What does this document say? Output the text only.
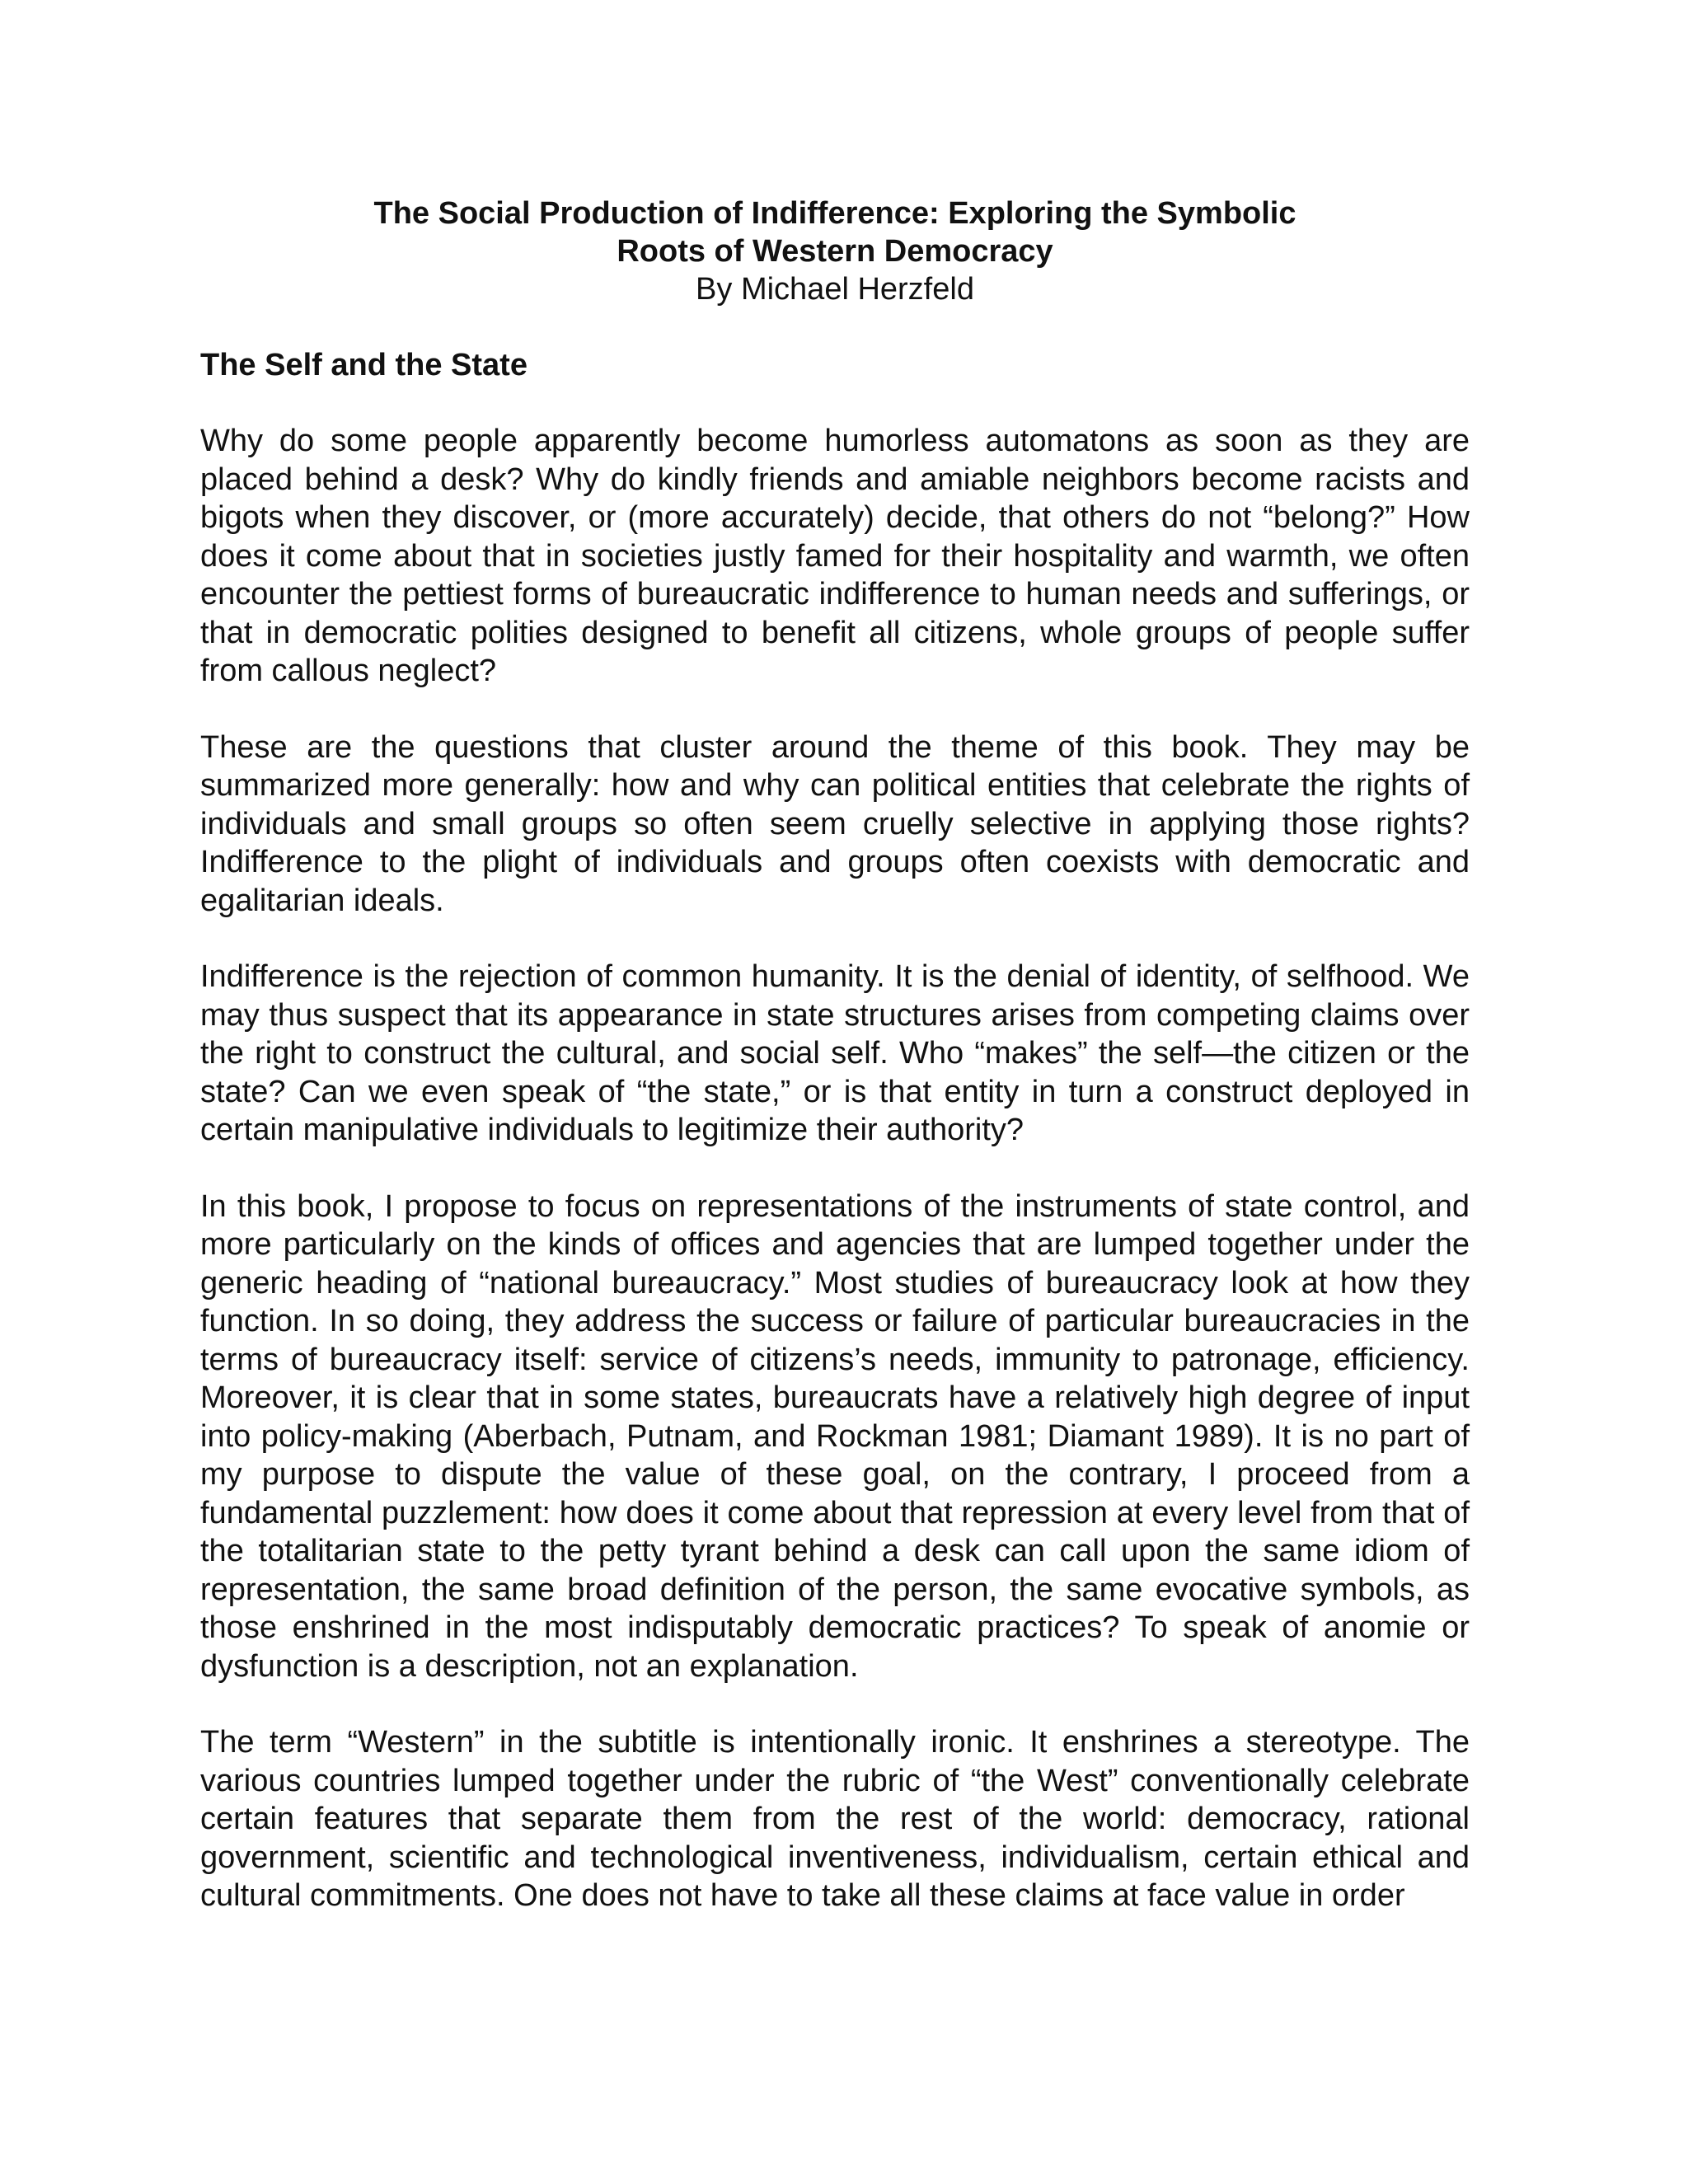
The Social Production of Indifference: Exploring the Symbolic
Roots of Western Democracy
By Michael Herzfeld
The Self and the State

Why do some people apparently become humorless automatons as soon as they are placed behind a desk? Why do kindly friends and amiable neighbors become racists and bigots when they discover, or (more accurately) decide, that others do not “belong?” How does it come about that in societies justly famed for their hospitality and warmth, we often encounter the pettiest forms of bureaucratic indifference to human needs and sufferings, or that in democratic polities designed to benefit all citizens, whole groups of people suffer from callous neglect?

These are the questions that cluster around the theme of this book. They may be summarized more generally: how and why can political entities that celebrate the rights of individuals and small groups so often seem cruelly selective in applying those rights? Indifference to the plight of individuals and groups often coexists with democratic and egalitarian ideals.

Indifference is the rejection of common humanity. It is the denial of identity, of selfhood. We may thus suspect that its appearance in state structures arises from competing claims over the right to construct the cultural, and social self. Who “makes” the self—the citizen or the state? Can we even speak of “the state,” or is that entity in turn a construct deployed in certain manipulative individuals to legitimize their authority?

In this book, I propose to focus on representations of the instruments of state control, and more particularly on the kinds of offices and agencies that are lumped together under the generic heading of “national bureaucracy.” Most studies of bureaucracy look at how they function. In so doing, they address the success or failure of particular bureaucracies in the terms of bureaucracy itself: service of citizens’s needs, immunity to patronage, efficiency. Moreover, it is clear that in some states, bureaucrats have a relatively high degree of input into policy-making (Aberbach, Putnam, and Rockman 1981; Diamant 1989). It is no part of my purpose to dispute the value of these goal, on the contrary, I proceed from a fundamental puzzlement: how does it come about that repression at every level from that of the totalitarian state to the petty tyrant behind a desk can call upon the same idiom of representation, the same broad definition of the person, the same evocative symbols, as those enshrined in the most indisputably democratic practices? To speak of anomie or dysfunction is a description, not an explanation.

The term “Western” in the subtitle is intentionally ironic. It enshrines a stereotype. The various countries lumped together under the rubric of “the West” conventionally celebrate certain features that separate them from the rest of the world: democracy, rational government, scientific and technological inventiveness, individualism, certain ethical and cultural commitments. One does not have to take all these claims at face value in order
